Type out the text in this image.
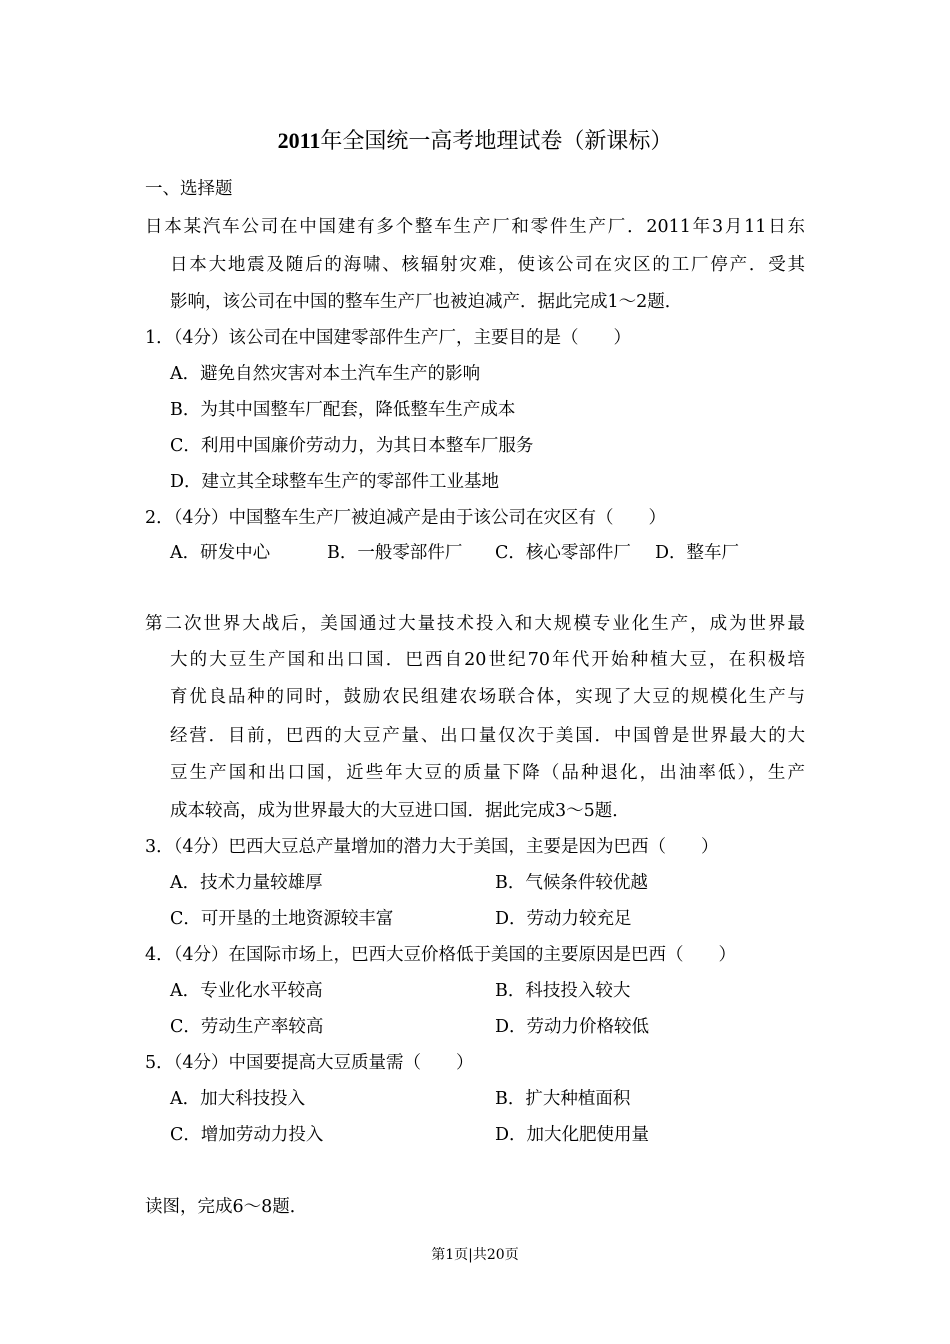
2011年全国统一高考地理试卷（新课标）
一、选择题
日本某汽车公司在中国建有多个整车生产厂和零件生产厂．2011年3月11日东
日本大地震及随后的海啸、核辐射灾难，使该公司在灾区的工厂停产．受其
影响，该公司在中国的整车生产厂也被迫减产．据此完成1～2题．
1．（4分）该公司在中国建零部件生产厂，主要目的是（　　）
A．避免自然灾害对本土汽车生产的影响
B．为其中国整车厂配套，降低整车生产成本
C．利用中国廉价劳动力，为其日本整车厂服务
D．建立其全球整车生产的零部件工业基地
2．（4分）中国整车生产厂被迫减产是由于该公司在灾区有（　　）
A．研发中心	B．一般零部件厂 C．核心零部件厂 D．整车厂
第二次世界大战后，美国通过大量技术投入和大规模专业化生产，成为世界最
大的大豆生产国和出口国．巴西自20世纪70年代开始种植大豆，在积极培
育优良品种的同时，鼓励农民组建农场联合体，实现了大豆的规模化生产与
经营．目前，巴西的大豆产量、出口量仅次于美国．中国曾是世界最大的大
豆生产国和出口国，近些年大豆的质量下降（品种退化，出油率低），生产
成本较高，成为世界最大的大豆进口国．据此完成3～5题．
3．（4分）巴西大豆总产量增加的潜力大于美国，主要是因为巴西（　　）
A．技术力量较雄厚	B．气候条件较优越
C．可开垦的土地资源较丰富	D．劳动力较充足
4．（4分）在国际市场上，巴西大豆价格低于美国的主要原因是巴西（　　）
A．专业化水平较高	B．科技投入较大
C．劳动生产率较高	D．劳动力价格较低
5．（4分）中国要提高大豆质量需（　　）
A．加大科技投入	B．扩大种植面积
C．增加劳动力投入	D．加大化肥使用量
读图，完成6～8题．
第1页|共20页
